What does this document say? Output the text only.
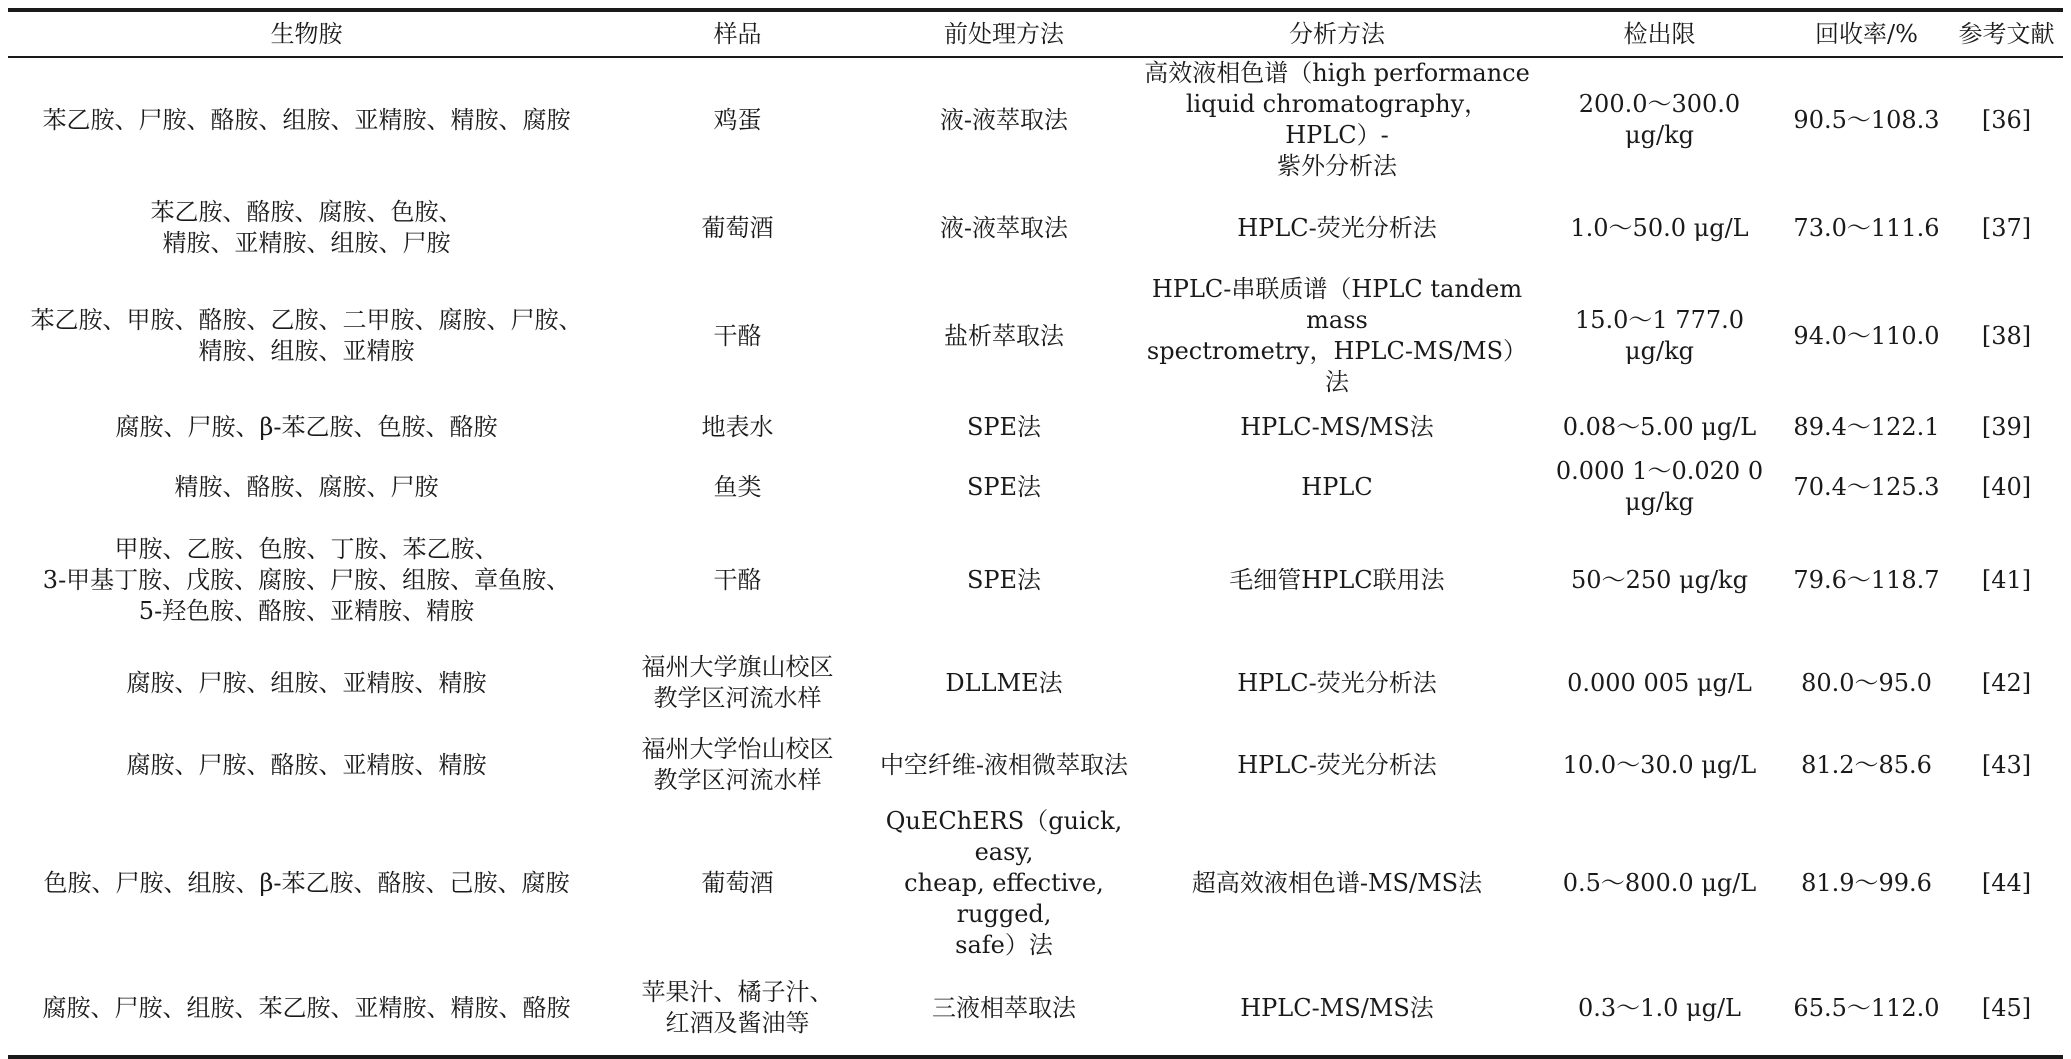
生物胺	样品	前处理方法	分析方法	检出限	回收率/%	参考文献
苯乙胺、尸胺、酪胺、组胺、亚精胺、精胺、腐胺	鸡蛋	液-液萃取法	高效液相色谱（high performance
liquid chromatography，HPLC）-
紫外分析法	200.0～300.0 μg/kg	90.5～108.3	[36]
苯乙胺、酪胺、腐胺、色胺、
精胺、亚精胺、组胺、尸胺	葡萄酒	液-液萃取法	HPLC-荧光分析法	1.0～50.0 μg/L	73.0～111.6	[37]
苯乙胺、甲胺、酪胺、乙胺、二甲胺、腐胺、尸胺、
精胺、组胺、亚精胺	干酪	盐析萃取法	HPLC-串联质谱（HPLC tandem mass
spectrometry，HPLC-MS/MS）法	15.0～1 777.0 μg/kg	94.0～110.0	[38]
腐胺、尸胺、β-苯乙胺、色胺、酪胺	地表水	SPE法	HPLC-MS/MS法	0.08～5.00 μg/L	89.4～122.1	[39]
精胺、酪胺、腐胺、尸胺	鱼类	SPE法	HPLC	0.000 1～0.020 0 μg/kg	70.4～125.3	[40]
甲胺、乙胺、色胺、丁胺、苯乙胺、
3-甲基丁胺、戊胺、腐胺、尸胺、组胺、章鱼胺、
5-羟色胺、酪胺、亚精胺、精胺	干酪	SPE法	毛细管HPLC联用法	50～250 μg/kg	79.6～118.7	[41]
腐胺、尸胺、组胺、亚精胺、精胺	福州大学旗山校区
教学区河流水样	DLLME法	HPLC-荧光分析法	0.000 005 μg/L	80.0～95.0	[42]
腐胺、尸胺、酪胺、亚精胺、精胺	福州大学怡山校区
教学区河流水样	中空纤维-液相微萃取法	HPLC-荧光分析法	10.0～30.0 μg/L	81.2～85.6	[43]
色胺、尸胺、组胺、β-苯乙胺、酪胺、己胺、腐胺	葡萄酒	QuEChERS（guick, easy,
cheap, effective, rugged,
safe）法	超高效液相色谱-MS/MS法	0.5～800.0 μg/L	81.9～99.6	[44]
腐胺、尸胺、组胺、苯乙胺、亚精胺、精胺、酪胺	苹果汁、橘子汁、
红酒及酱油等	三液相萃取法	HPLC-MS/MS法	0.3～1.0 μg/L	65.5～112.0	[45]
